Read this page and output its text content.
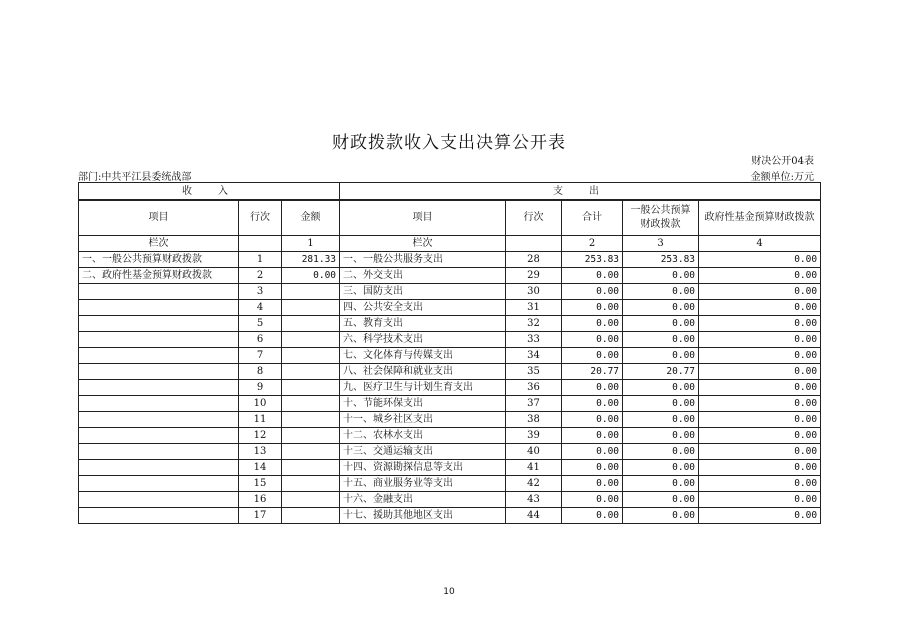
财政拨款收入支出决算公开表
财决公开04表
部门:中共平江县委统战部	金额单位:万元
收　入			支　出				
项目	行次	金额	项目	行次	合计	一般公共预算财政拨款	政府性基金预算财政拨款
栏次		1	栏次		2	3	4
一、一般公共预算财政拨款	1	281.33	一、一般公共服务支出	28	253.83	253.83	0.00
二、政府性基金预算财政拨款	2	0.00	二、外交支出	29	0.00	0.00	0.00
	3		三、国防支出	30	0.00	0.00	0.00
	4		四、公共安全支出	31	0.00	0.00	0.00
	5		五、教育支出	32	0.00	0.00	0.00
	6		六、科学技术支出	33	0.00	0.00	0.00
	7		七、文化体育与传媒支出	34	0.00	0.00	0.00
	8		八、社会保障和就业支出	35	20.77	20.77	0.00
	9		九、医疗卫生与计划生育支出	36	0.00	0.00	0.00
	10		十、节能环保支出	37	0.00	0.00	0.00
	11		十一、城乡社区支出	38	0.00	0.00	0.00
	12		十二、农林水支出	39	0.00	0.00	0.00
	13		十三、交通运输支出	40	0.00	0.00	0.00
	14		十四、资源勘探信息等支出	41	0.00	0.00	0.00
	15		十五、商业服务业等支出	42	0.00	0.00	0.00
	16		十六、金融支出	43	0.00	0.00	0.00
	17		十七、援助其他地区支出	44	0.00	0.00	0.00
10
